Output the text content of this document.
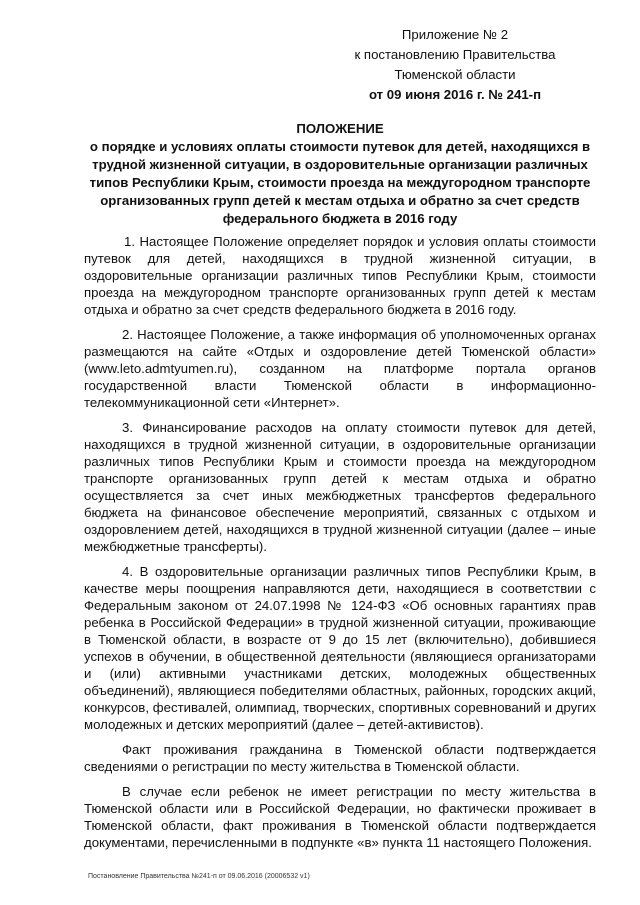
Приложение № 2
к постановлению Правительства
Тюменской области
от 09 июня 2016 г. № 241-п
ПОЛОЖЕНИЕ
о порядке и условиях оплаты стоимости путевок для детей, находящихся в трудной жизненной ситуации, в оздоровительные организации различных типов Республики Крым, стоимости проезда на междугородном транспорте организованных групп детей к местам отдыха и обратно за счет средств федерального бюджета в 2016 году

1. Настоящее Положение определяет порядок и условия оплаты стоимости путевок для детей, находящихся в трудной жизненной ситуации, в оздоровительные организации различных типов Республики Крым, стоимости проезда на междугородном транспорте организованных групп детей к местам отдыха и обратно за счет средств федерального бюджета в 2016 году.

2. Настоящее Положение, а также информация об уполномоченных органах размещаются на сайте «Отдых и оздоровление детей Тюменской области» (www.leto.admtyumen.ru), созданном на платформе портала органов государственной власти Тюменской области в информационно-телекоммуникационной сети «Интернет».

3. Финансирование расходов на оплату стоимости путевок для детей, находящихся в трудной жизненной ситуации, в оздоровительные организации различных типов Республики Крым и стоимости проезда на междугородном транспорте организованных групп детей к местам отдыха и обратно осуществляется за счет иных межбюджетных трансфертов федерального бюджета на финансовое обеспечение мероприятий, связанных с отдыхом и оздоровлением детей, находящихся в трудной жизненной ситуации (далее – иные межбюджетные трансферты).

4. В оздоровительные организации различных типов Республики Крым, в качестве меры поощрения направляются дети, находящиеся в соответствии с Федеральным законом от 24.07.1998 № 124-ФЗ «Об основных гарантиях прав ребенка в Российской Федерации» в трудной жизненной ситуации, проживающие в Тюменской области, в возрасте от 9 до 15 лет (включительно), добившиеся успехов в обучении, в общественной деятельности (являющиеся организаторами и (или) активными участниками детских, молодежных общественных объединений), являющиеся победителями областных, районных, городских акций, конкурсов, фестивалей, олимпиад, творческих, спортивных соревнований и других молодежных и детских мероприятий (далее – детей-активистов).

Факт проживания гражданина в Тюменской области подтверждается сведениями о регистрации по месту жительства в Тюменской области.

В случае если ребенок не имеет регистрации по месту жительства в Тюменской области или в Российской Федерации, но фактически проживает в Тюменской области, факт проживания в Тюменской области подтверждается документами, перечисленными в подпункте «в» пункта 11 настоящего Положения.

Постановление Правительства №241-п от 09.06.2016 (20006532 v1)
